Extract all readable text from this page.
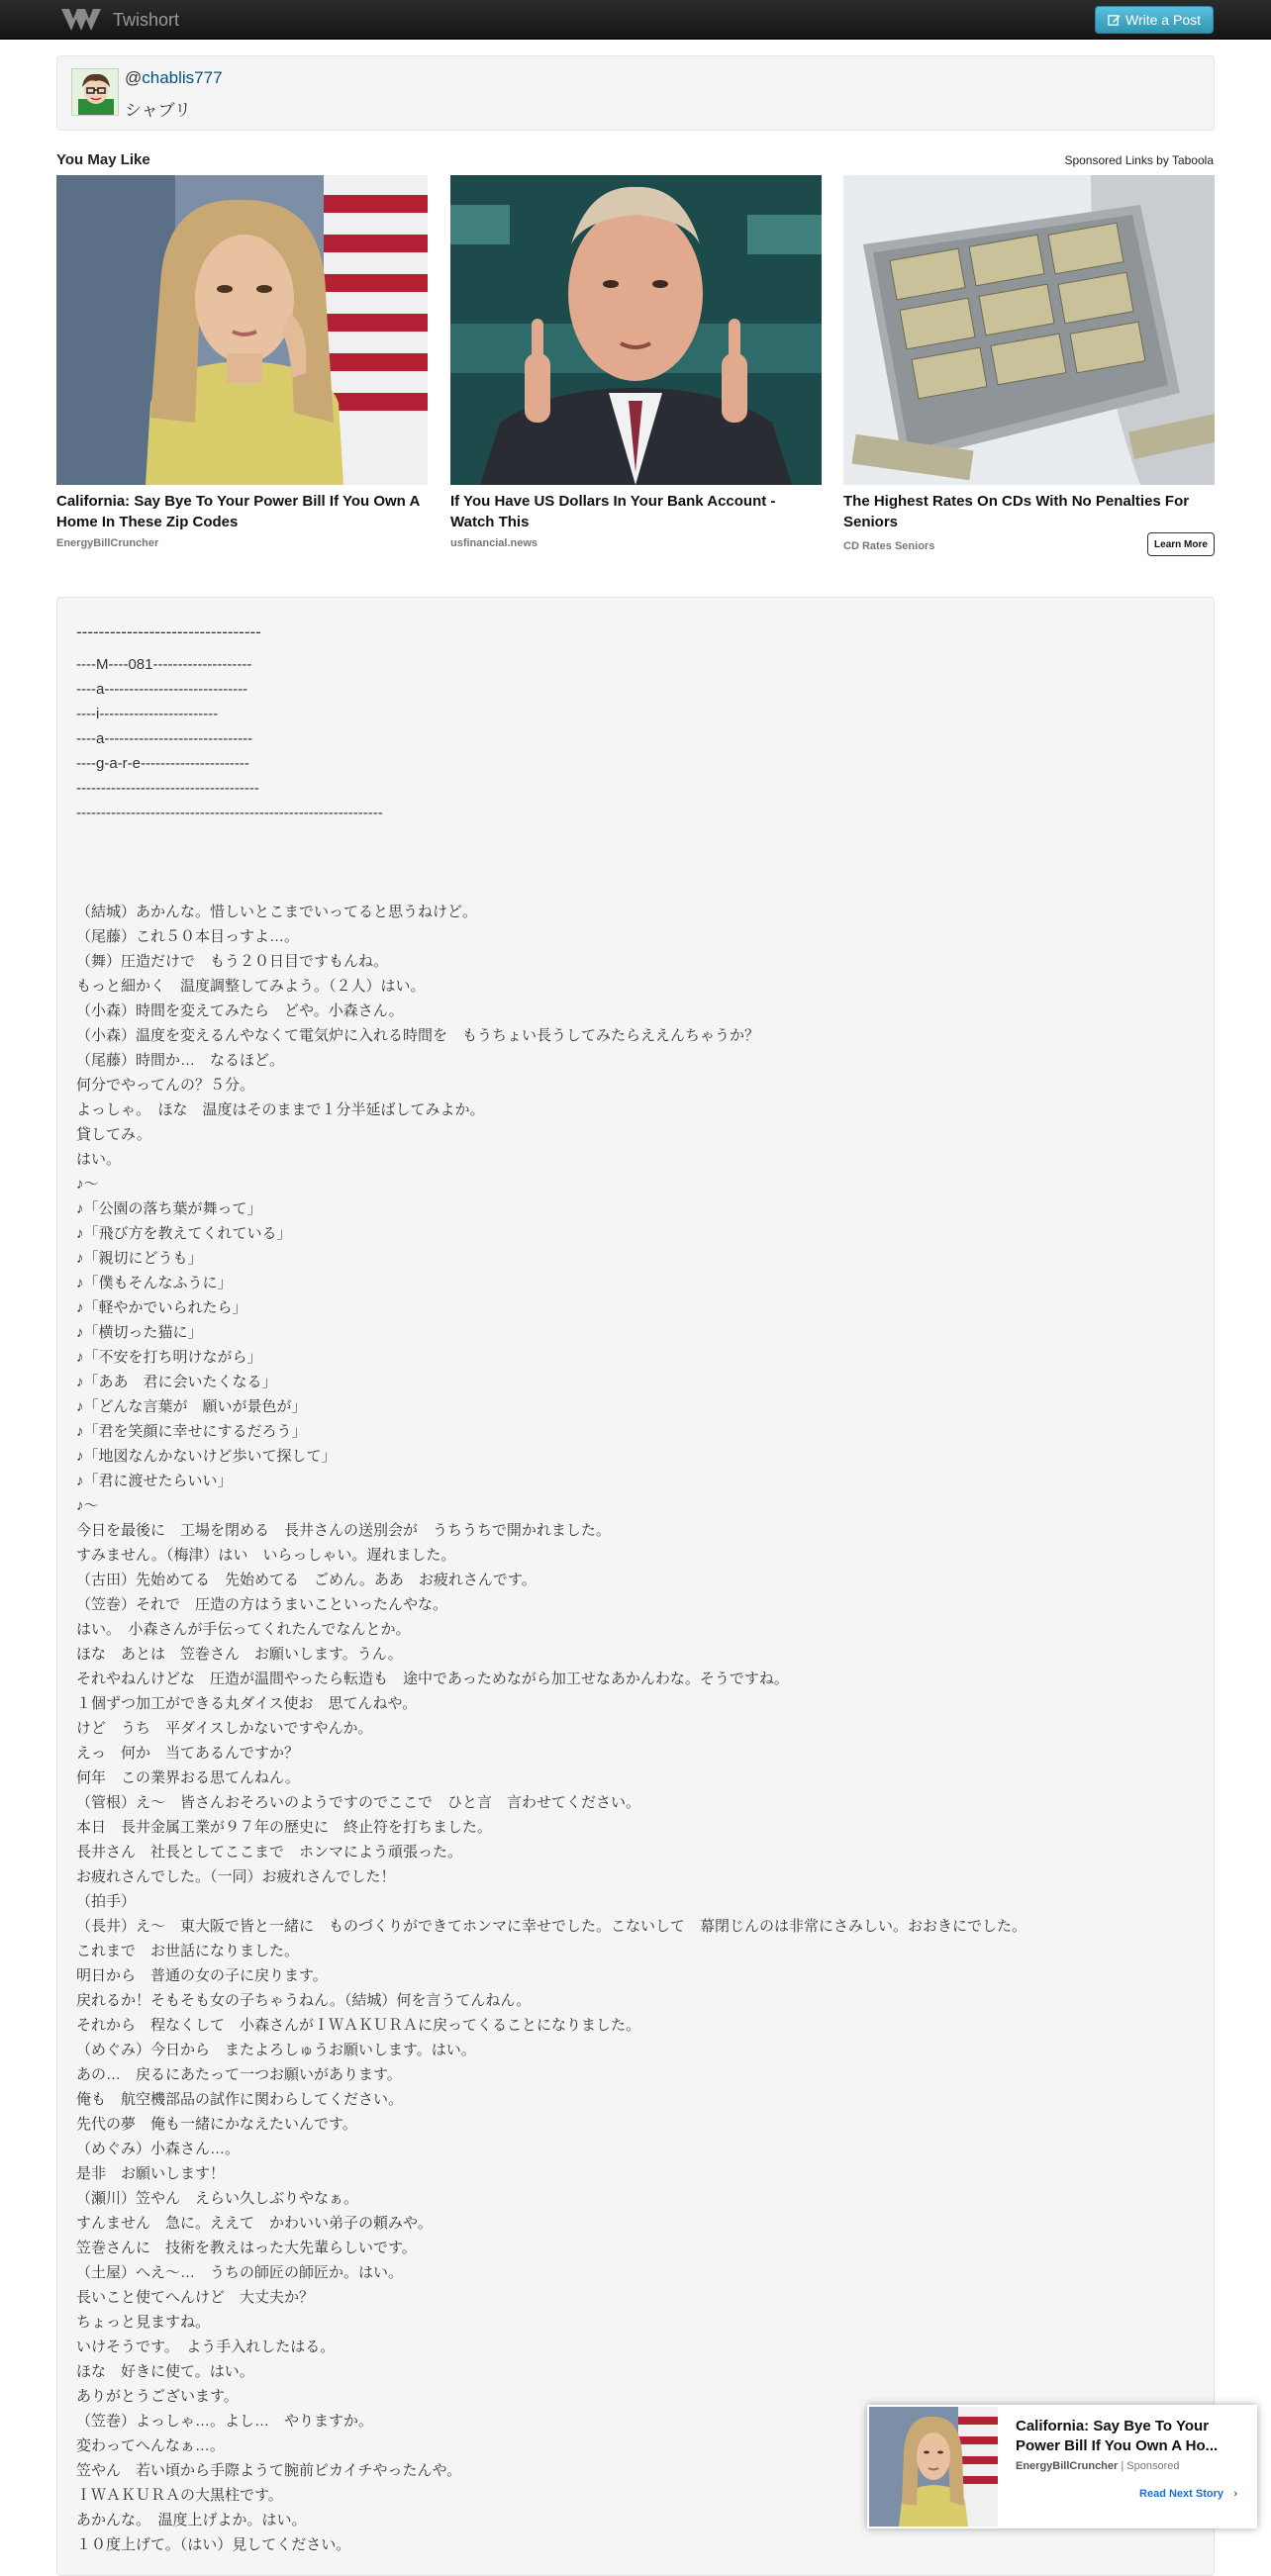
Twishort	Write a Post
@chablis777
シャブリ
You May Like	Sponsored Links by Taboola
California: Say Bye To Your Power Bill If You Own A Home In These Zip Codes
EnergyBillCruncher
If You Have US Dollars In Your Bank Account - Watch This
usfinancial.news
The Highest Rates On CDs With No Penalties For Seniors
CD Rates Seniors	Learn More
---------------------------------
----M----081--------------------
----a-----------------------------
----i------------------------
----a------------------------------
----g-a-r-e----------------------
-------------------------------------
--------------------------------------------------------------
（結城）あかんな。惜しいとこまでいってると思うねけど。
（尾藤）これ５０本目っすよ…。
（舞）圧造だけで　もう２０日目ですもんね。
もっと細かく　温度調整してみよう。（２人）はい。
（小森）時間を変えてみたら　どや。小森さん。
（小森）温度を変えるんやなくて電気炉に入れる時間を　もうちょい長うしてみたらええんちゃうか？
（尾藤）時間か…　なるほど。
何分でやってんの？５分。
よっしゃ。　ほな　温度はそのままで１分半延ばしてみよか。
貸してみ。
はい。
♪～
♪「公園の落ち葉が舞って」
♪「飛び方を教えてくれている」
♪「親切にどうも」
♪「僕もそんなふうに」
♪「軽やかでいられたら」
♪「横切った猫に」
♪「不安を打ち明けながら」
♪「ああ　君に会いたくなる」
♪「どんな言葉が　願いが景色が」
♪「君を笑顔に幸せにするだろう」
♪「地図なんかないけど歩いて探して」
♪「君に渡せたらいい」
♪～
今日を最後に　工場を閉める　長井さんの送別会が　うちうちで開かれました。
すみません。（梅津）はい　いらっしゃい。遅れました。
（古田）先始めてる　先始めてる　ごめん。ああ　お疲れさんです。
（笠巻）それで　圧造の方はうまいこといったんやな。
はい。　小森さんが手伝ってくれたんでなんとか。
ほな　あとは　笠巻さん　お願いします。うん。
それやねんけどな　圧造が温間やったら転造も　途中であっためながら加工せなあかんわな。そうですね。
１個ずつ加工ができる丸ダイス使お　思てんねや。
けど　うち　平ダイスしかないですやんか。
えっ　何か　当てあるんですか？
何年　この業界おる思てんねん。
（管根）え～　皆さんおそろいのようですのでここで　ひと言　言わせてください。
本日　長井金属工業が９７年の歴史に　終止符を打ちました。
長井さん　社長としてここまで　ホンマによう頑張った。
お疲れさんでした。（一同）お疲れさんでした！
（拍手）
（長井）え～　東大阪で皆と一緒に　ものづくりができてホンマに幸せでした。こないして　幕閉じんのは非常にさみしい。おおきにでした。
これまで　お世話になりました。
明日から　普通の女の子に戻ります。
戻れるか！そもそも女の子ちゃうねん。（結城）何を言うてんねん。
それから　程なくして　小森さんがＩＷＡＫＵＲＡに戻ってくることになりました。
（めぐみ）今日から　またよろしゅうお願いします。はい。
あの…　戻るにあたって一つお願いがあります。
俺も　航空機部品の試作に関わらしてください。
先代の夢　俺も一緒にかなえたいんです。
（めぐみ）小森さん…。
是非　お願いします！
（瀬川）笠やん　えらい久しぶりやなぁ。
すんません　急に。ええて　かわいい弟子の頼みや。
笠巻さんに　技術を教えはった大先輩らしいです。
（土屋）へえ～…　うちの師匠の師匠か。はい。
長いこと使てへんけど　大丈夫か？
ちょっと見ますね。
いけそうです。　よう手入れしたはる。
ほな　好きに使て。はい。
ありがとうございます。
（笠巻）よっしゃ…。よし…　やりますか。
変わってへんなぁ…。
笠やん　若い頃から手際ようて腕前ピカイチやったんや。
ＩＷＡＫＵＲＡの大黒柱です。
あかんな。　温度上げよか。はい。
１０度上げて。（はい）見してください。
California: Say Bye To Your Power Bill If You Own A Ho...
EnergyBillCruncher | Sponsored
Read Next Story ›
